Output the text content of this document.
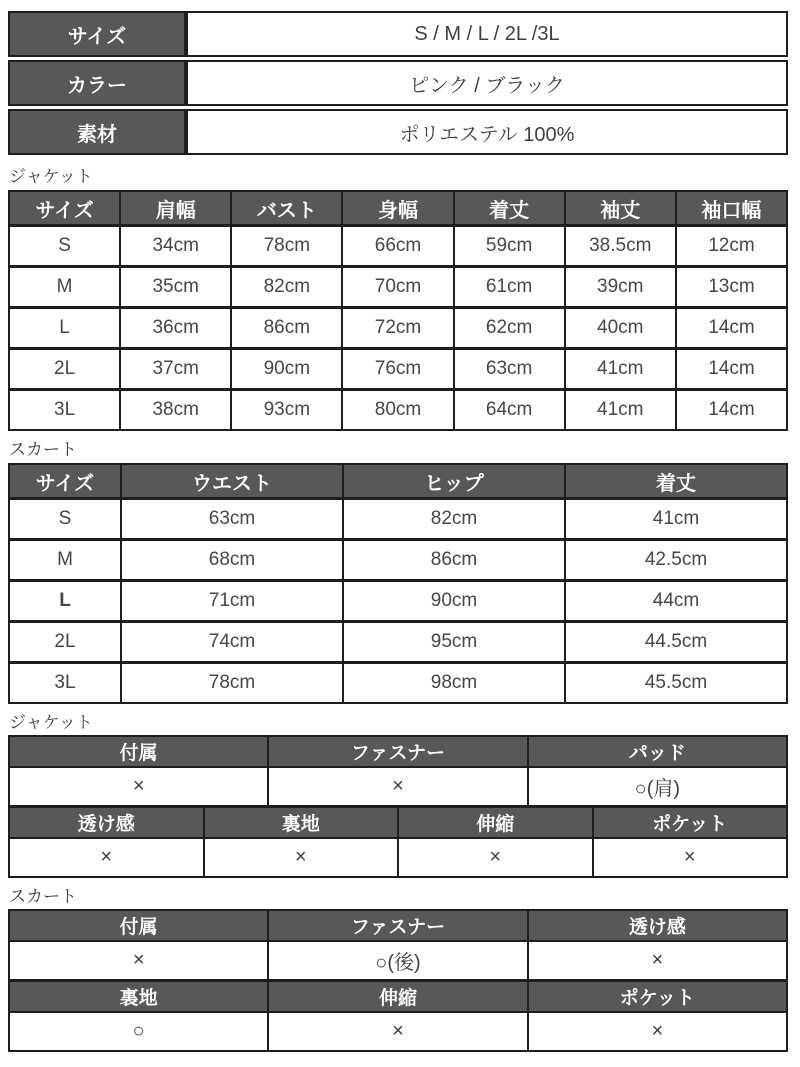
サイズ	S / M / L / 2L /3L
カラー	ピンク / ブラック
素材	ポリエステル 100%
ジャケット
サイズ	肩幅	バスト	身幅	着丈	袖丈	袖口幅
S	34cm	78cm	66cm	59cm	38.5cm	12cm
M	35cm	82cm	70cm	61cm	39cm	13cm
L	36cm	86cm	72cm	62cm	40cm	14cm
2L	37cm	90cm	76cm	63cm	41cm	14cm
3L	38cm	93cm	80cm	64cm	41cm	14cm
スカート
サイズ	ウエスト	ヒップ	着丈
S	63cm	82cm	41cm
M	68cm	86cm	42.5cm
L	71cm	90cm	44cm
2L	74cm	95cm	44.5cm
3L	78cm	98cm	45.5cm
ジャケット
付属	ファスナー	パッド
×	×	○(肩)
透け感	裏地	伸縮	ポケット
×	×	×	×
スカート
付属	ファスナー	透け感
×	○(後)	×
裏地	伸縮	ポケット
○	×	×
